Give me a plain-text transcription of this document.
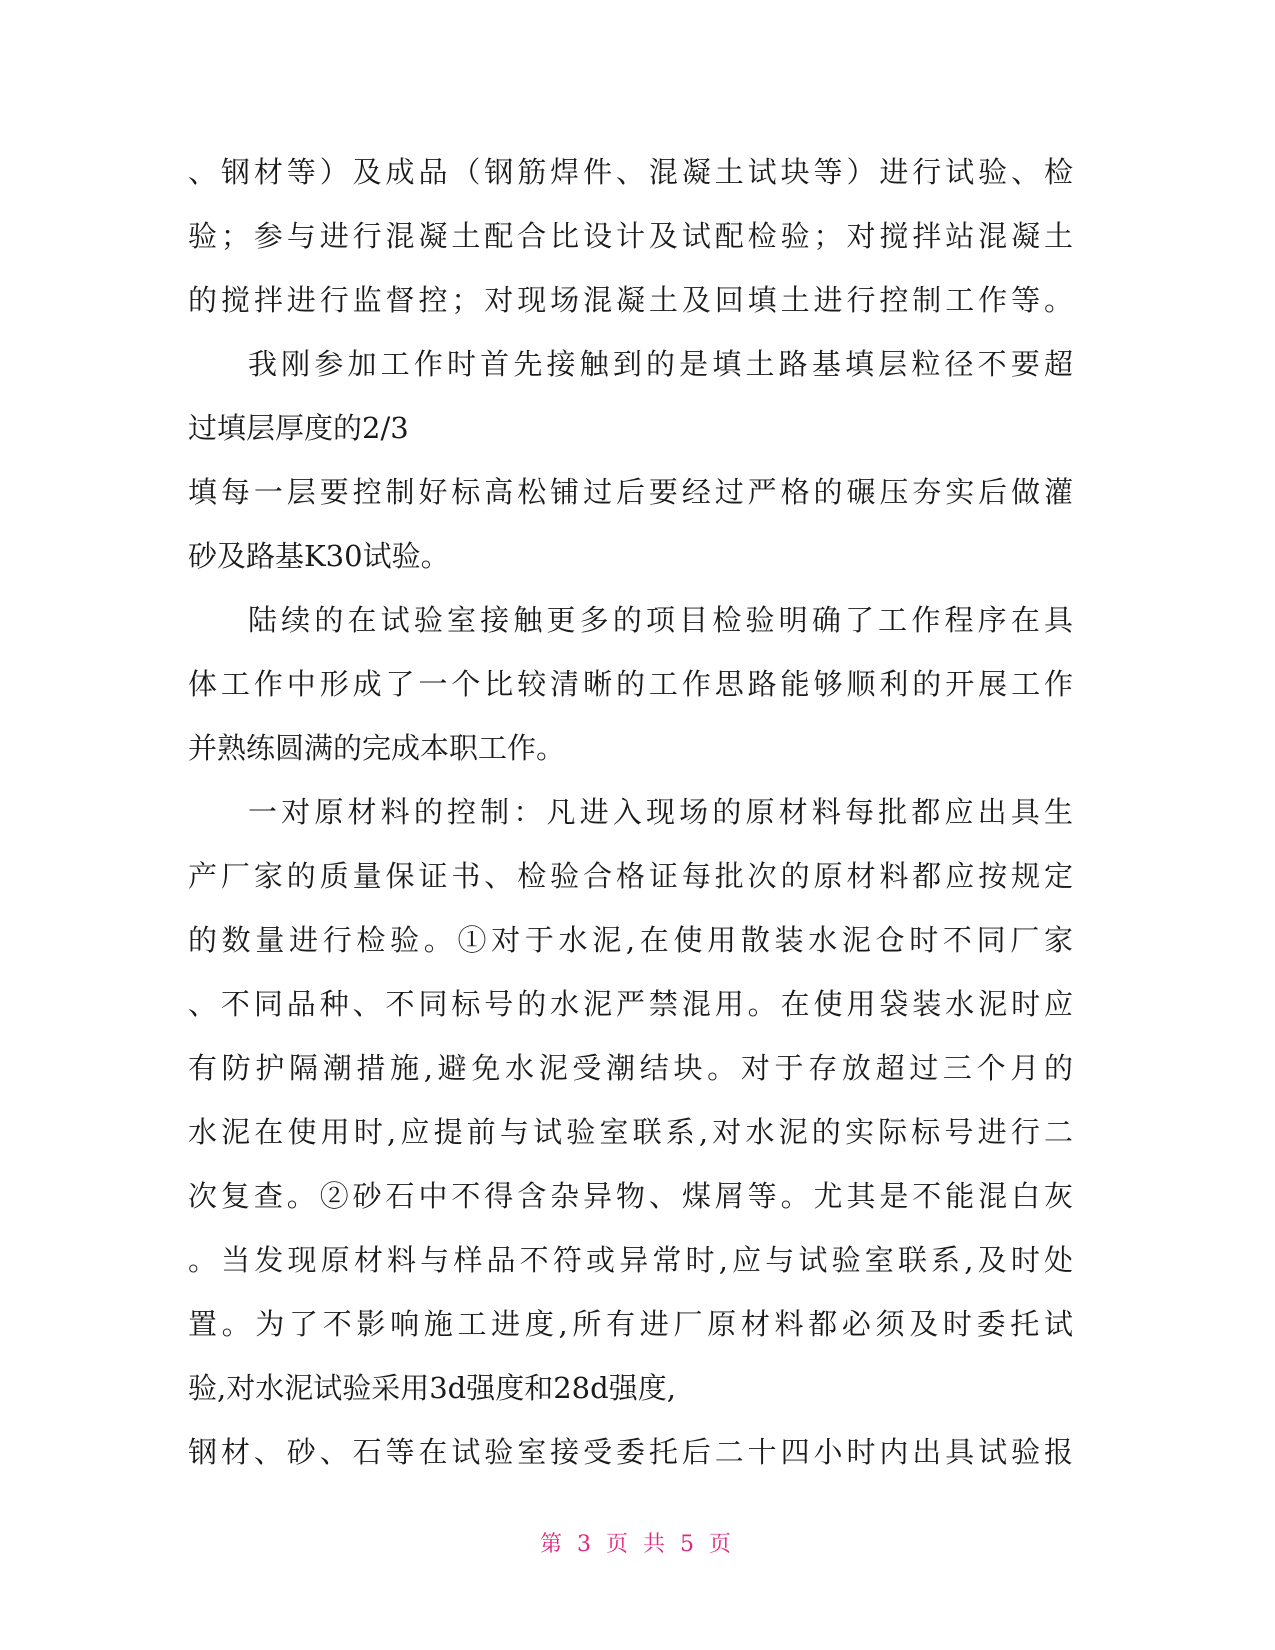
、钢材等）及成品（钢筋焊件、混凝土试块等）进行试验、检
验；参与进行混凝土配合比设计及试配检验；对搅拌站混凝土
的搅拌进行监督控；对现场混凝土及回填土进行控制工作等。
我刚参加工作时首先接触到的是填土路基填层粒径不要超
过填层厚度的2/3
填每一层要控制好标高松铺过后要经过严格的碾压夯实后做灌
砂及路基K30试验。
陆续的在试验室接触更多的项目检验明确了工作程序在具
体工作中形成了一个比较清晰的工作思路能够顺利的开展工作
并熟练圆满的完成本职工作。
一对原材料的控制：凡进入现场的原材料每批都应出具生
产厂家的质量保证书、检验合格证每批次的原材料都应按规定
的数量进行检验。①对于水泥,在使用散装水泥仓时不同厂家
、不同品种、不同标号的水泥严禁混用。在使用袋装水泥时应
有防护隔潮措施,避免水泥受潮结块。对于存放超过三个月的
水泥在使用时,应提前与试验室联系,对水泥的实际标号进行二
次复查。②砂石中不得含杂异物、煤屑等。尤其是不能混白灰
。当发现原材料与样品不符或异常时,应与试验室联系,及时处
置。为了不影响施工进度,所有进厂原材料都必须及时委托试
验,对水泥试验采用3d强度和28d强度,
钢材、砂、石等在试验室接受委托后二十四小时内出具试验报
第 3 页 共 5 页
